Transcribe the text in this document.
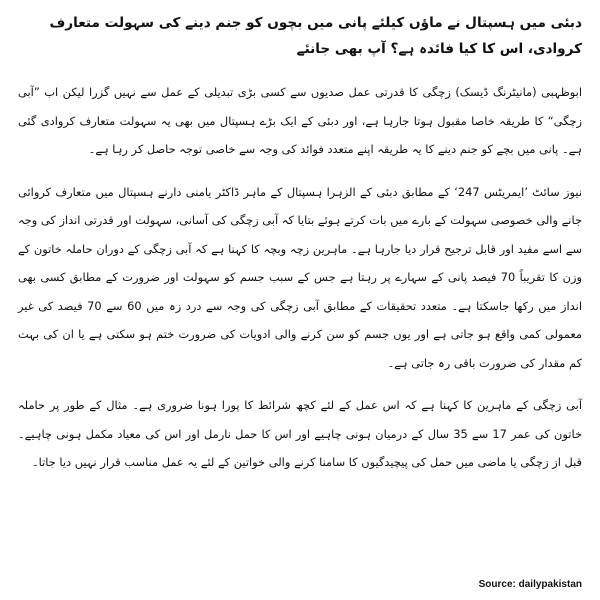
دبئی میں ہسپتال نے ماؤں کیلئے پانی میں بچوں کو جنم دینے کی سہولت متعارف کروادی، اس کا کیا فائدہ ہے؟ آپ بھی جانئے
ابوظہبی (مانیٹرنگ ڈیسک) زچگی کا قدرتی عمل صدیوں سے کسی بڑی تبدیلی کے عمل سے نہیں گزرا لیکن اب ”آبی زچگی“ کا طریقہ خاصا مقبول ہوتا جارہا ہے، اور دبئی کے ایک بڑے ہسپتال میں بھی یہ سہولت متعارف کروادی گئی ہے۔ پانی میں بچے کو جنم دینے کا یہ طریقہ اپنے متعدد فوائد کی وجہ سے خاصی توجہ حاصل کر رہا ہے۔
نیوز سائٹ ’ایمریٹس 247‘ کے مطابق دبئی کے الزہرا ہسپتال کے ماہر ڈاکٹر یامنی دارنے ہسپتال میں متعارف کروائی جانے والی خصوصی سہولت کے بارے میں بات کرتے ہوئے بتایا کہ آبی زچگی کی آسانی، سہولت اور قدرتی انداز کی وجہ سے اسے مفید اور قابل ترجیح قرار دیا جارہا ہے۔ ماہرین زچہ وبچہ کا کہنا ہے کہ آبی زچگی کے دوران حاملہ خاتون کے وزن کا تقریباً 70 فیصد پانی کے سہارے پر رہتا ہے جس کے سبب جسم کو سہولت اور ضرورت کے مطابق کسی بھی انداز میں رکھا جاسکتا ہے۔ متعدد تحقیقات کے مطابق آبی زچگی کی وجہ سے درد زہ میں 60 سے 70 فیصد کی غیر معمولی کمی واقع ہو جاتی ہے اور یوں جسم کو سن کرنے والی ادویات کی ضرورت ختم ہو سکتی ہے یا ان کی بہت کم مقدار کی ضرورت باقی رہ جاتی ہے۔
آبی زچگی کے ماہرین کا کہنا ہے کہ اس عمل کے لئے کچھ شرائط کا پورا ہونا ضروری ہے۔ مثال کے طور پر حاملہ خاتون کی عمر 17 سے 35 سال کے درمیان ہونی چاہیے اور اس کا حمل نارمل اور اس کی معیاد مکمل ہونی چاہیے۔ قبل از زچگی یا ماضی میں حمل کی پیچیدگیوں کا سامنا کرنے والی خواتین کے لئے یہ عمل مناسب قرار نہیں دیا جاتا۔
Source: dailypakistan
